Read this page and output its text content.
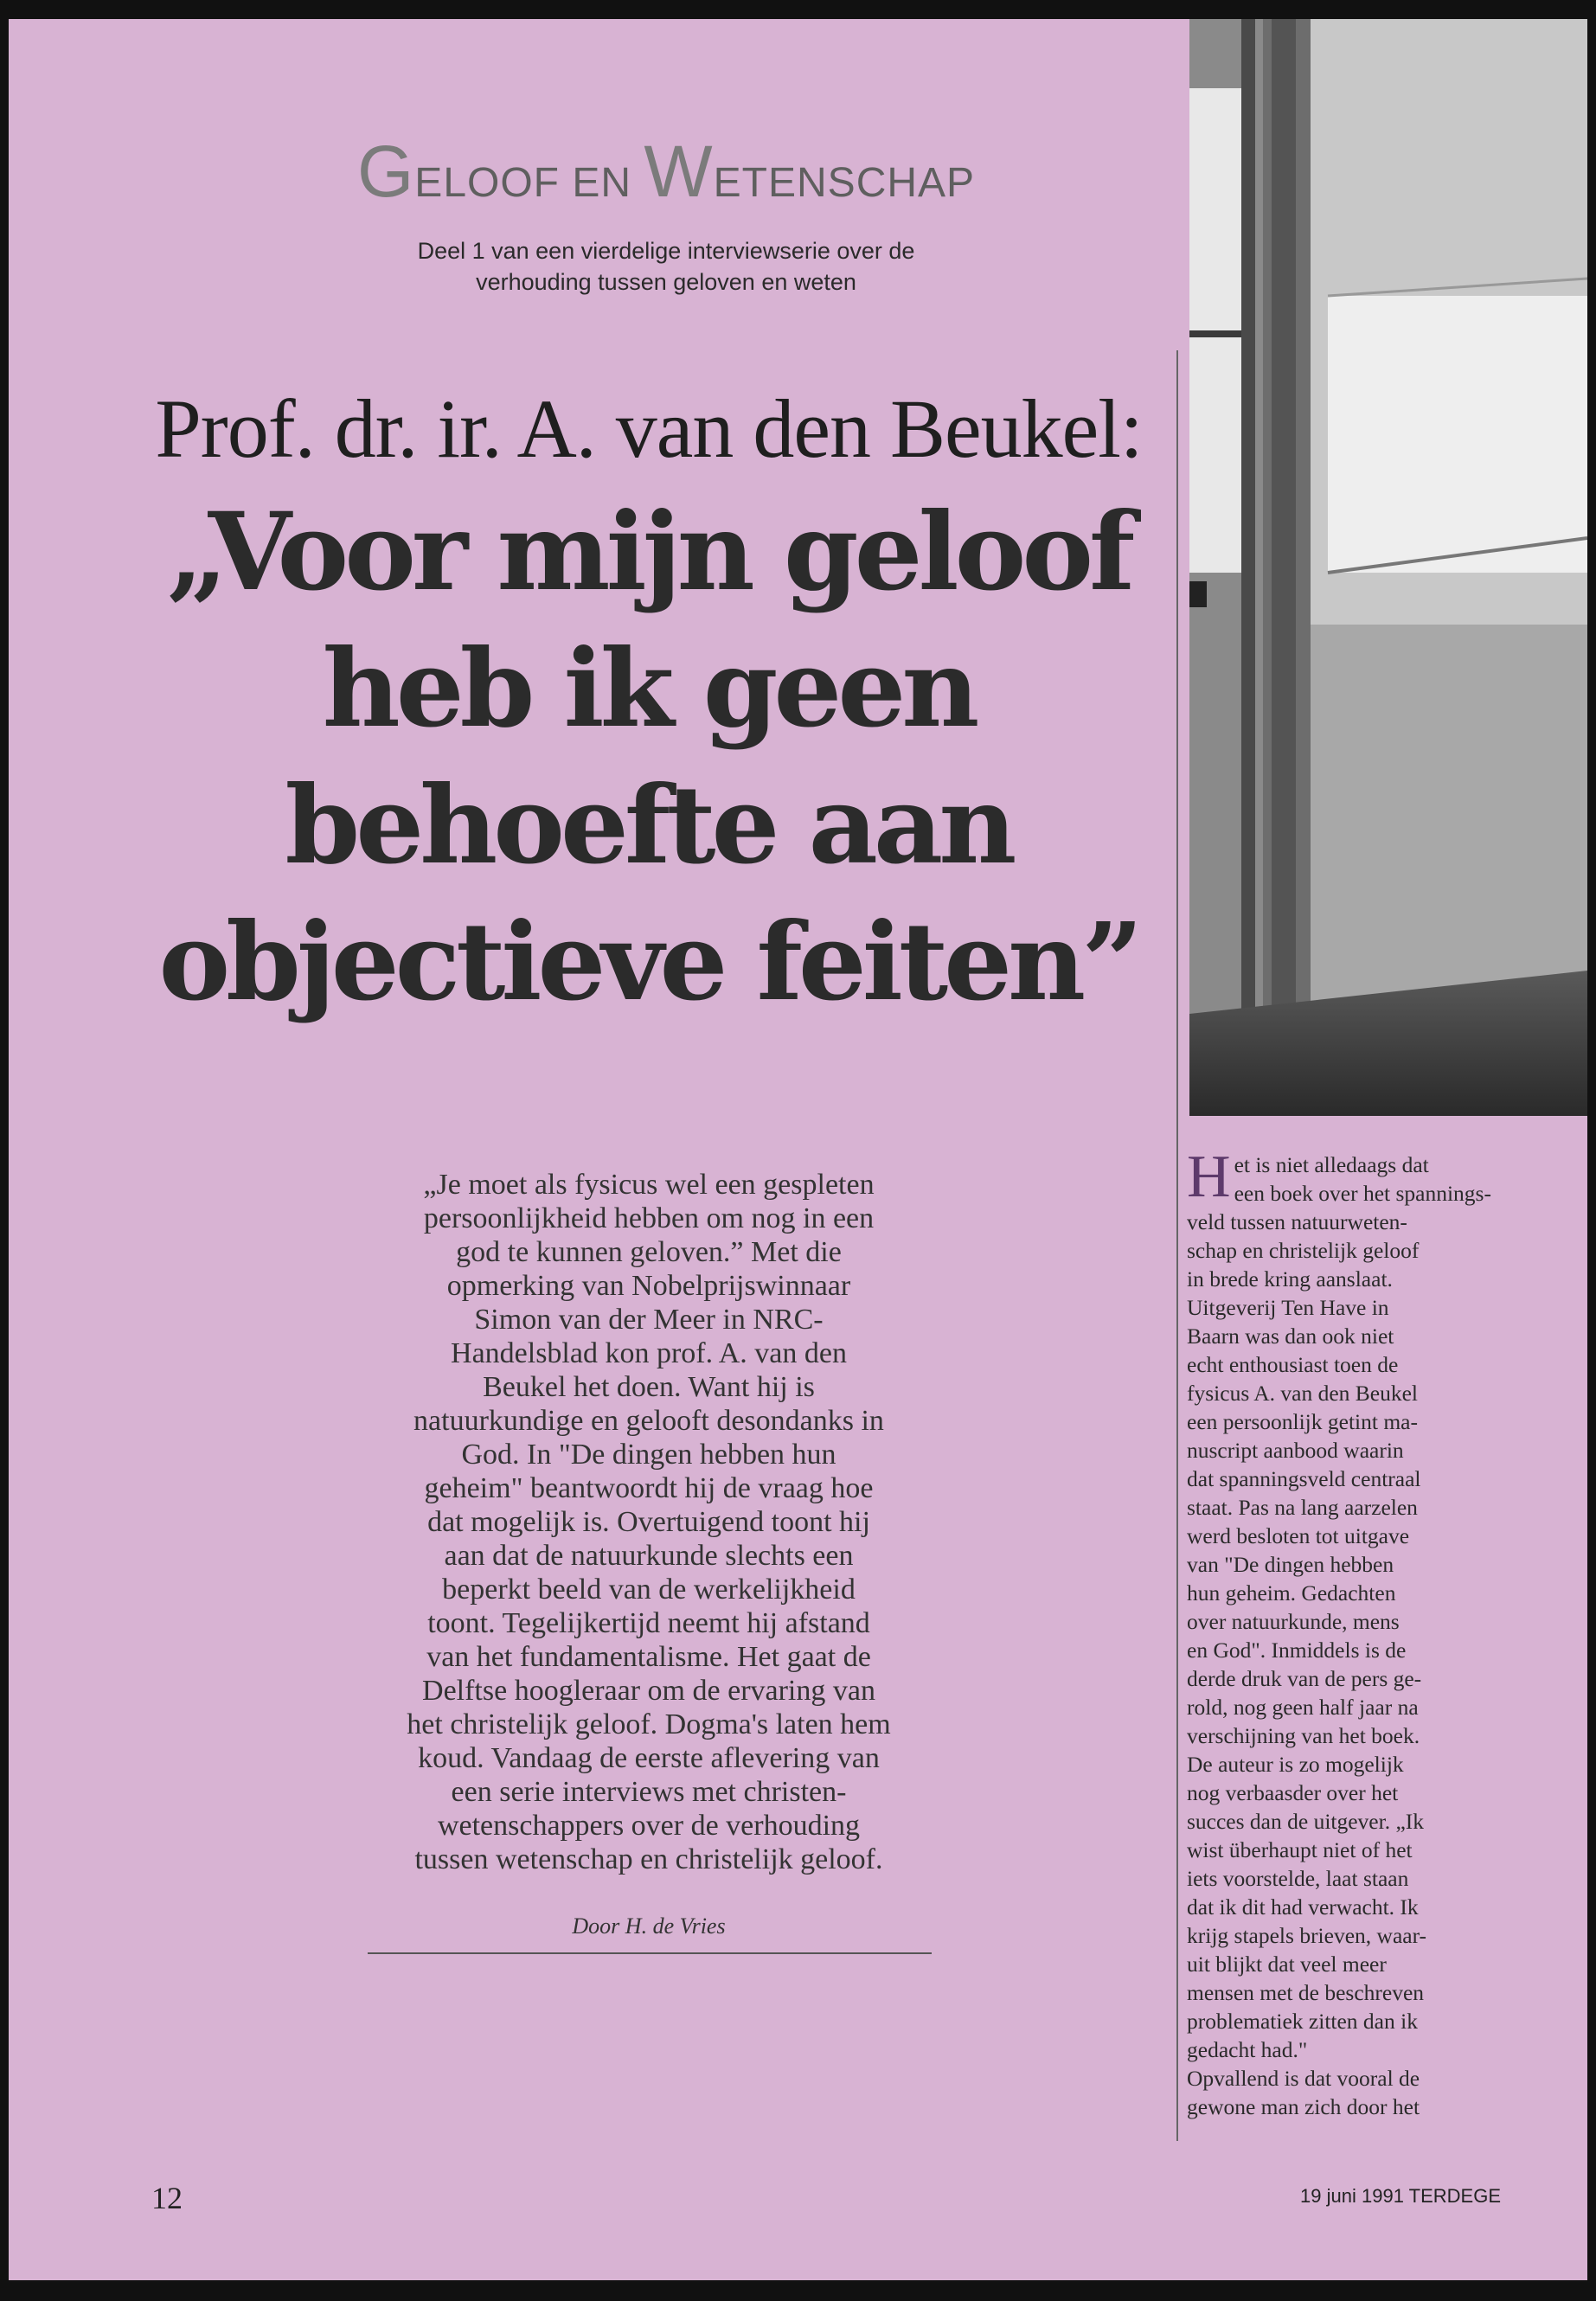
GELOOF EN WETENSCHAP
Deel 1 van een vierdelige interviewserie over de
verhouding tussen geloven en weten
Prof. dr. ir. A. van den Beukel:
„Voor mijn geloof
heb ik geen
behoefte aan
objectieve feiten”
„Je moet als fysicus wel een gespleten
persoonlijkheid hebben om nog in een
god te kunnen geloven.” Met die
opmerking van Nobelprijswinnaar
Simon van der Meer in NRC-
Handelsblad kon prof. A. van den
Beukel het doen. Want hij is
natuurkundige en gelooft desondanks in
God. In "De dingen hebben hun
geheim" beantwoordt hij de vraag hoe
dat mogelijk is. Overtuigend toont hij
aan dat de natuurkunde slechts een
beperkt beeld van de werkelijkheid
toont. Tegelijkertijd neemt hij afstand
van het fundamentalisme. Het gaat de
Delftse hoogleraar om de ervaring van
het christelijk geloof. Dogma's laten hem
koud. Vandaag de eerste aflevering van
een serie interviews met christen-
wetenschappers over de verhouding
tussen wetenschap en christelijk geloof.
Door H. de Vries
H et is niet alledaags dat
een boek over het spannings-
veld tussen natuurweten-
schap en christelijk geloof
in brede kring aanslaat.
Uitgeverij Ten Have in
Baarn was dan ook niet
echt enthousiast toen de
fysicus A. van den Beukel
een persoonlijk getint ma-
nuscript aanbood waarin
dat spanningsveld centraal
staat. Pas na lang aarzelen
werd besloten tot uitgave
van "De dingen hebben
hun geheim. Gedachten
over natuurkunde, mens
en God". Inmiddels is de
derde druk van de pers ge-
rold, nog geen half jaar na
verschijning van het boek.
De auteur is zo mogelijk
nog verbaasder over het
succes dan de uitgever. „Ik
wist überhaupt niet of het
iets voorstelde, laat staan
dat ik dit had verwacht. Ik
krijg stapels brieven, waar-
uit blijkt dat veel meer
mensen met de beschreven
problematiek zitten dan ik
gedacht had."
Opvallend is dat vooral de
gewone man zich door het
12	19 juni 1991 TERDEGE
